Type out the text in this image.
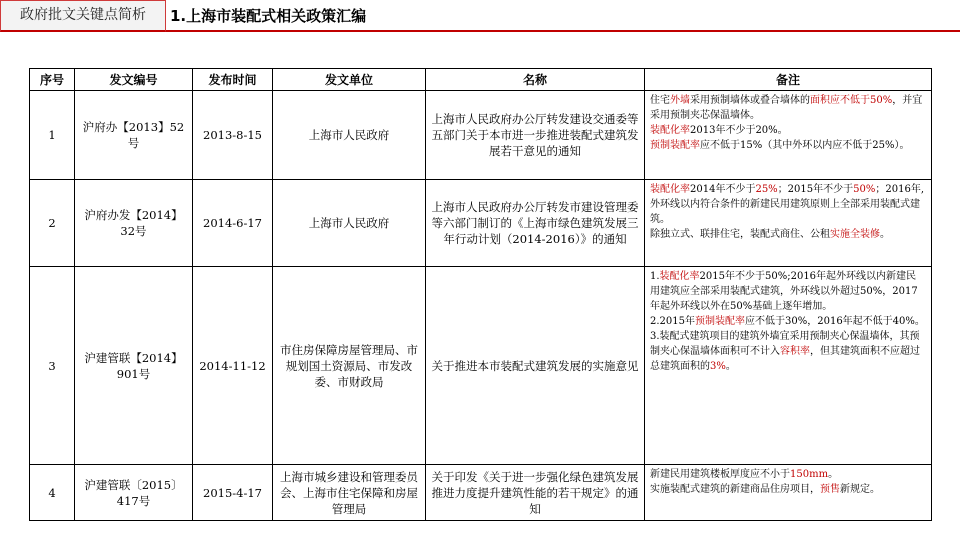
政府批文关键点简析	1.上海市装配式相关政策汇编
序号	发文编号	发布时间	发文单位	名称	备注
1	沪府办【2013】52号	2013-8-15	上海市人民政府	上海市人民政府办公厅转发建设交通委等五部门关于本市进一步推进装配式建筑发展若干意见的通知	住宅外墙采用预制墙体或叠合墙体的面积应不低于50%，并宜采用预制夹芯保温墙体。
装配化率2013年不少于20%。
预制装配率应不低于15%（其中外环以内应不低于25%）。

2	沪府办发【2014】32号	2014-6-17	上海市人民政府	上海市人民政府办公厅转发市建设管理委等六部门制订的《上海市绿色建筑发展三年行动计划（2014-2016）》的通知	装配化率2014年不少于25%；2015年不少于50%；2016年,外环线以内符合条件的新建民用建筑原则上全部采用装配式建筑。
除独立式、联排住宅，装配式商住、公租实施全装修。

3	沪建管联【2014】901号	2014-11-12	市住房保障房屋管理局、市规划国土资源局、市发改委、市财政局	关于推进本市装配式建筑发展的实施意见	1.装配化率2015年不少于50%;2016年起外环线以内新建民用建筑应全部采用装配式建筑，外环线以外超过50%，2017年起外环线以外在50%基础上逐年增加。
2.2015年预制装配率应不低于30%，2016年起不低于40%。
3.装配式建筑项目的建筑外墙宜采用预制夹心保温墙体，其预制夹心保温墙体面积可不计入容积率，但其建筑面积不应超过总建筑面积的3%。

4	沪建管联〔2015〕417号	2015-4-17	上海市城乡建设和管理委员会、上海市住宅保障和房屋管理局	关于印发《关于进一步强化绿色建筑发展推进力度提升建筑性能的若干规定》的通知	新建民用建筑楼板厚度应不小于150mm。
实施装配式建筑的新建商品住房项目，预售新规定。
